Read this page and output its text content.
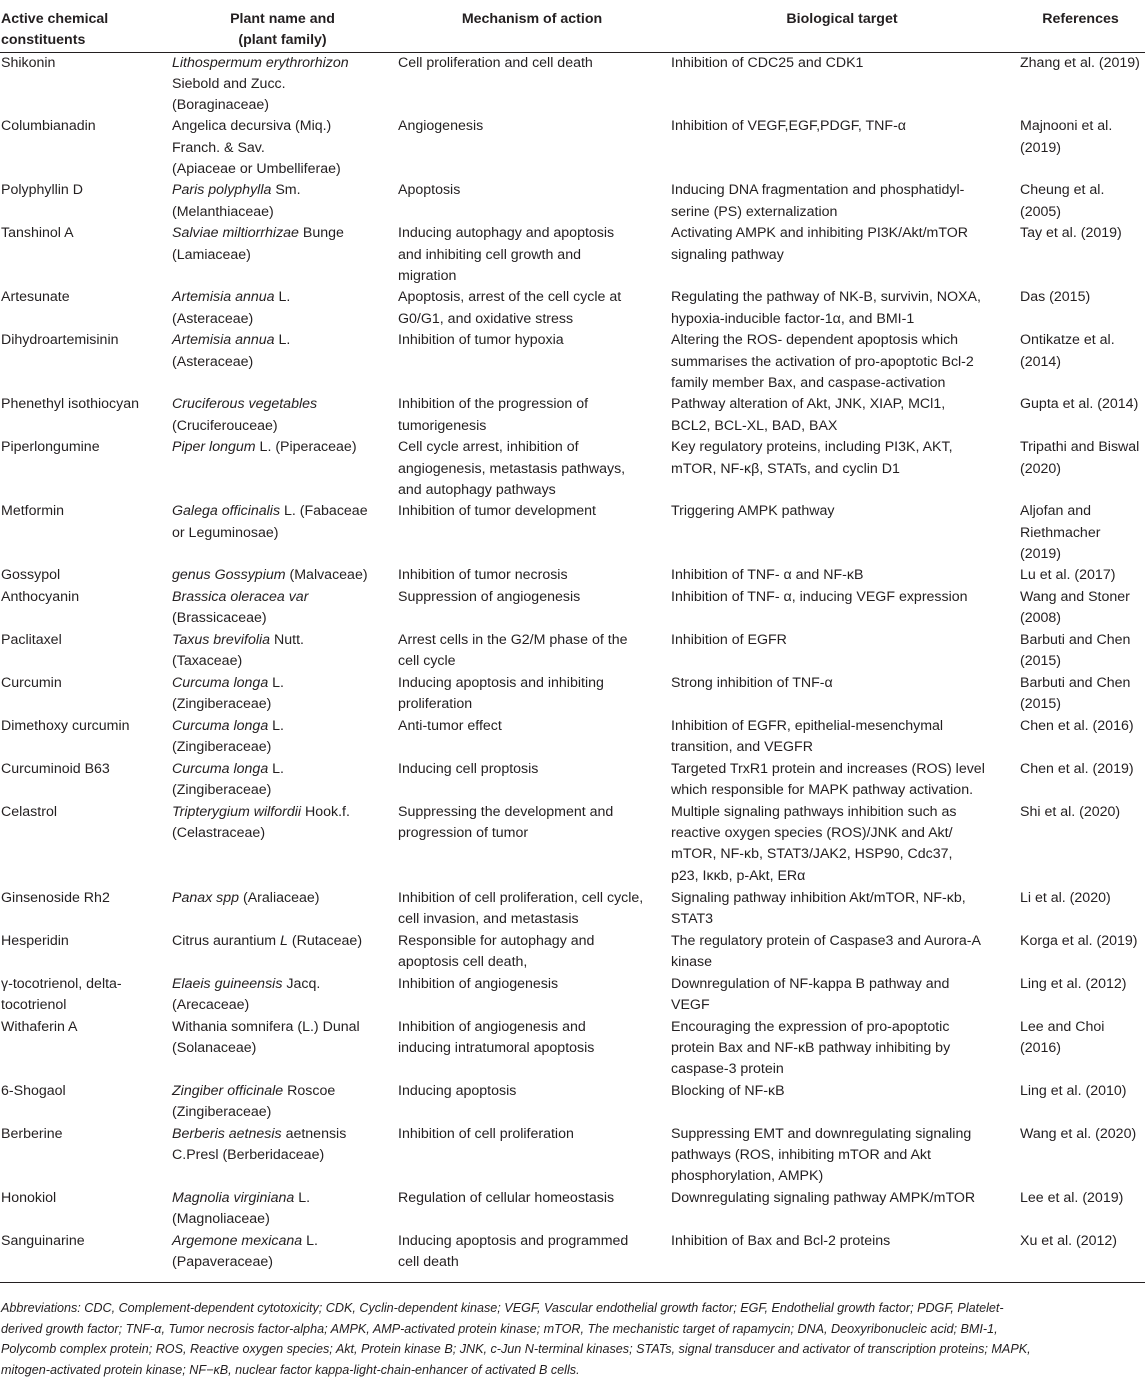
Active chemical
constituents	Plant name and
(plant family)	Mechanism of action	Biological target	References

Shikonin	Lithospermum erythrorhizon
Siebold and Zucc.
(Boraginaceae)	Cell proliferation and cell death	Inhibition of CDC25 and CDK1	Zhang et al. (2019)

Columbianadin	Angelica decursiva (Miq.)
Franch. & Sav.
(Apiaceae or Umbelliferae)	Angiogenesis	Inhibition of VEGF,EGF,PDGF, TNF-α	Majnooni et al.
(2019)

Polyphyllin D	Paris polyphylla Sm.
(Melanthiaceae)	Apoptosis	Inducing DNA fragmentation and phosphatidyl-
serine (PS) externalization	Cheung et al.
(2005)

Tanshinol A	Salviae miltiorrhizae Bunge
(Lamiaceae)	Inducing autophagy and apoptosis
and inhibiting cell growth and
migration	Activating AMPK and inhibiting PI3K/Akt/mTOR
signaling pathway	Tay et al. (2019)

Artesunate	Artemisia annua L.
(Asteraceae)	Apoptosis, arrest of the cell cycle at
G0/G1, and oxidative stress	Regulating the pathway of NK-B, survivin, NOXA,
hypoxia-inducible factor-1α, and BMI-1	Das (2015)

Dihydroartemisinin	Artemisia annua L.
(Asteraceae)	Inhibition of tumor hypoxia	Altering the ROS- dependent apoptosis which
summarises the activation of pro-apoptotic Bcl-2
family member Bax, and caspase-activation	Ontikatze et al.
(2014)

Phenethyl isothiocyan	Cruciferous vegetables
(Cruciferouceae)	Inhibition of the progression of
tumorigenesis	Pathway alteration of Akt, JNK, XIAP, MCl1,
BCL2, BCL-XL, BAD, BAX	Gupta et al. (2014)

Piperlongumine	Piper longum L. (Piperaceae)	Cell cycle arrest, inhibition of
angiogenesis, metastasis pathways,
and autophagy pathways	Key regulatory proteins, including PI3K, AKT,
mTOR, NF-κβ, STATs, and cyclin D1	Tripathi and Biswal
(2020)

Metformin	Galega officinalis L. (Fabaceae
or Leguminosae)	Inhibition of tumor development	Triggering AMPK pathway	Aljofan and
Riethmacher
(2019)

Gossypol	genus Gossypium (Malvaceae)	Inhibition of tumor necrosis	Inhibition of TNF- α and NF-κB	Lu et al. (2017)

Anthocyanin	Brassica oleracea var
(Brassicaceae)	Suppression of angiogenesis	Inhibition of TNF- α, inducing VEGF expression	Wang and Stoner
(2008)

Paclitaxel	Taxus brevifolia Nutt.
(Taxaceae)	Arrest cells in the G2/M phase of the
cell cycle	Inhibition of EGFR	Barbuti and Chen
(2015)

Curcumin	Curcuma longa L.
(Zingiberaceae)	Inducing apoptosis and inhibiting
proliferation	Strong inhibition of TNF-α	Barbuti and Chen
(2015)

Dimethoxy curcumin	Curcuma longa L.
(Zingiberaceae)	Anti-tumor effect	Inhibition of EGFR, epithelial-mesenchymal
transition, and VEGFR	Chen et al. (2016)

Curcuminoid B63	Curcuma longa L.
(Zingiberaceae)	Inducing cell proptosis	Targeted TrxR1 protein and increases (ROS) level
which responsible for MAPK pathway activation.	Chen et al. (2019)

Celastrol	Tripterygium wilfordii Hook.f.
(Celastraceae)	Suppressing the development and
progression of tumor	Multiple signaling pathways inhibition such as
reactive oxygen species (ROS)/JNK and Akt/
mTOR, NF-κb, STAT3/JAK2, HSP90, Cdc37,
p23, Iκκb, p-Akt, ERα	Shi et al. (2020)

Ginsenoside Rh2	Panax spp (Araliaceae)	Inhibition of cell proliferation, cell cycle,
cell invasion, and metastasis	Signaling pathway inhibition Akt/mTOR, NF-κb,
STAT3	Li et al. (2020)

Hesperidin	Citrus aurantium L (Rutaceae)	Responsible for autophagy and
apoptosis cell death,	The regulatory protein of Caspase3 and Aurora-A
kinase	Korga et al. (2019)

γ-tocotrienol, delta-
tocotrienol	Elaeis guineensis Jacq.
(Arecaceae)	Inhibition of angiogenesis	Downregulation of NF-kappa B pathway and
VEGF	Ling et al. (2012)

Withaferin A	Withania somnifera (L.) Dunal
(Solanaceae)	Inhibition of angiogenesis and
inducing intratumoral apoptosis	Encouraging the expression of pro-apoptotic
protein Bax and NF-κB pathway inhibiting by
caspase-3 protein	Lee and Choi
(2016)

6-Shogaol	Zingiber officinale Roscoe
(Zingiberaceae)	Inducing apoptosis	Blocking of NF-κB	Ling et al. (2010)

Berberine	Berberis aetnesis aetnensis
C.Presl (Berberidaceae)	Inhibition of cell proliferation	Suppressing EMT and downregulating signaling
pathways (ROS, inhibiting mTOR and Akt
phosphorylation, AMPK)	Wang et al. (2020)

Honokiol	Magnolia virginiana L.
(Magnoliaceae)	Regulation of cellular homeostasis	Downregulating signaling pathway AMPK/mTOR	Lee et al. (2019)

Sanguinarine	Argemone mexicana L.
(Papaveraceae)	Inducing apoptosis and programmed
cell death	Inhibition of Bax and Bcl-2 proteins	Xu et al. (2012)
Abbreviations: CDC, Complement-dependent cytotoxicity; CDK, Cyclin-dependent kinase; VEGF, Vascular endothelial growth factor; EGF, Endothelial growth factor; PDGF, Platelet-
derived growth factor; TNF-α, Tumor necrosis factor-alpha; AMPK, AMP-activated protein kinase; mTOR, The mechanistic target of rapamycin; DNA, Deoxyribonucleic acid; BMI-1,
Polycomb complex protein; ROS, Reactive oxygen species; Akt, Protein kinase B; JNK, c-Jun N-terminal kinases; STATs, signal transducer and activator of transcription proteins; MAPK,
mitogen-activated protein kinase; NF−κB, nuclear factor kappa-light-chain-enhancer of activated B cells.
